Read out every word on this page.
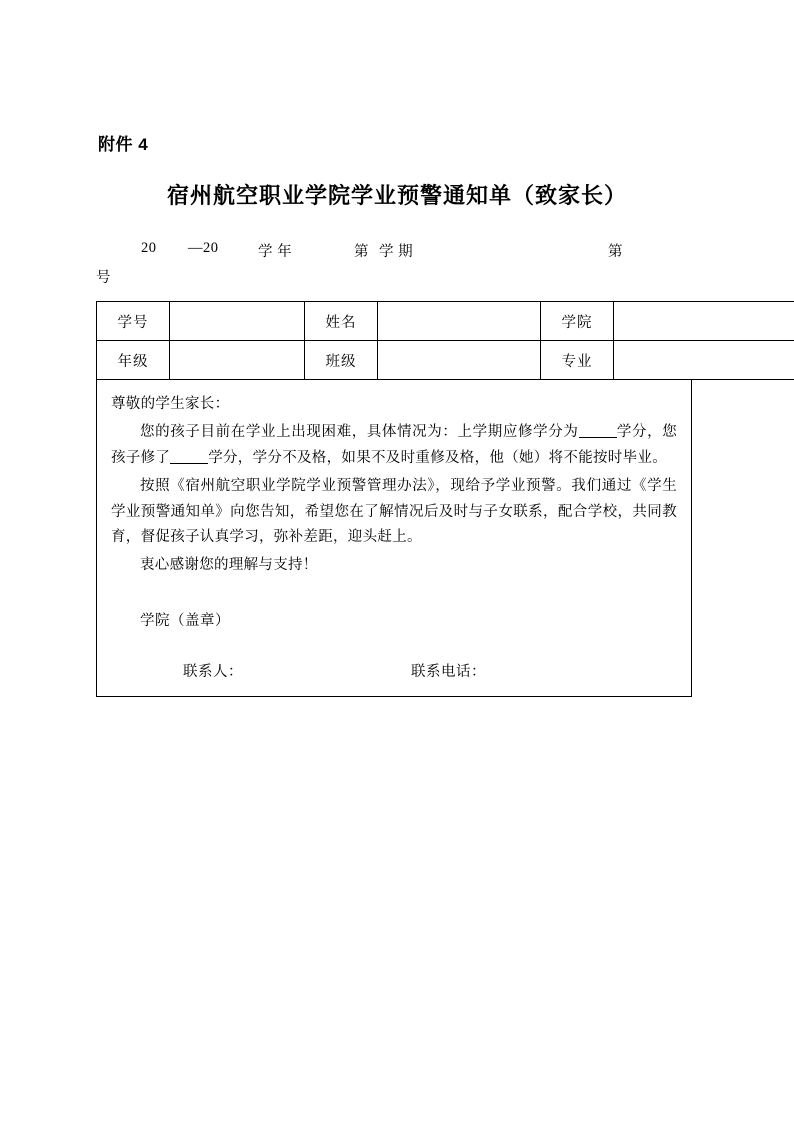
附件 4
宿州航空职业学院学业预警通知单（致家长）
20 —20	学 年	第 学 期	第
号
学号		姓名		学院	
年级		班级		专业	

尊敬的学生家长：

您的孩子目前在学业上出现困难，具体情况为：上学期应修学分为	学分，您孩子修了	学分，学分不及格，如果不及时重修及格，他（她）将不能按时毕业。

按照《宿州航空职业学院学业预警管理办法》，现给予学业预警。我们通过《学生学业预警通知单》向您告知，希望您在了解情况后及时与子女联系，配合学校，共同教育，督促孩子认真学习，弥补差距，迎头赶上。

衷心感谢您的理解与支持！

学院（盖章）
联系人：	联系电话：
